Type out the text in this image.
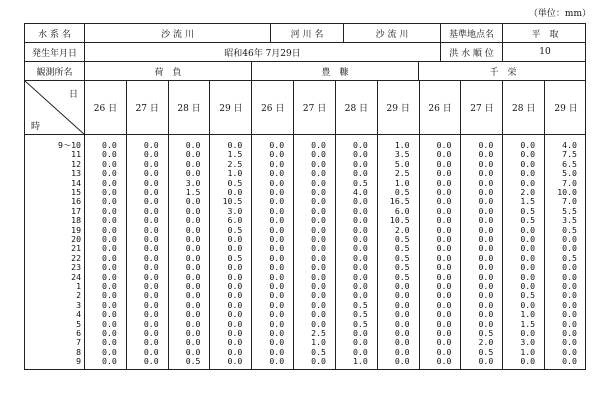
（単位：mm）
水 系 名	沙 流 川	河 川 名	沙 流 川	基準地点名	平　取
発生年月日	昭和46年 7月29日	洪 水 順 位	10
観測所名	荷　負	豊　糠	千　栄
日
時
26 日	27 日	28 日	29 日	26 日	27 日	28 日	29 日	26 日	27 日	28 日	29 日
9～10	0.0	0.0	0.0	0.0	0.0	0.0	0.0	1.0	0.0	0.0	0.0	4.0
11	0.0	0.0	0.0	1.5	0.0	0.0	0.0	3.5	0.0	0.0	0.0	7.5
12	0.0	0.0	0.0	2.5	0.0	0.0	0.0	5.0	0.0	0.0	0.0	6.5
13	0.0	0.0	0.0	1.0	0.0	0.0	0.0	2.5	0.0	0.0	0.0	5.0
14	0.0	0.0	3.0	0.5	0.0	0.0	0.5	1.0	0.0	0.0	0.0	7.0
15	0.0	0.0	1.5	0.0	0.0	0.0	4.0	0.5	0.0	0.0	2.0	10.0
16	0.0	0.0	0.0	10.5	0.0	0.0	0.0	16.5	0.0	0.0	1.5	7.0
17	0.0	0.0	0.0	3.0	0.0	0.0	0.0	6.0	0.0	0.0	0.5	5.5
18	0.0	0.0	0.0	6.0	0.0	0.0	0.0	10.5	0.0	0.0	0.5	3.5
19	0.0	0.0	0.0	0.5	0.0	0.0	0.0	2.0	0.0	0.0	0.0	0.5
20	0.0	0.0	0.0	0.0	0.0	0.0	0.0	0.5	0.0	0.0	0.0	0.0
21	0.0	0.0	0.0	0.0	0.0	0.0	0.0	0.5	0.0	0.0	0.0	0.0
22	0.0	0.0	0.0	0.5	0.0	0.0	0.0	0.5	0.0	0.0	0.0	0.5
23	0.0	0.0	0.0	0.0	0.0	0.0	0.0	0.5	0.0	0.0	0.0	0.0
24	0.0	0.0	0.0	0.0	0.0	0.0	0.0	0.5	0.0	0.0	0.0	0.0
1	0.0	0.0	0.0	0.0	0.0	0.0	0.0	0.0	0.0	0.0	0.0	0.0
2	0.0	0.0	0.0	0.0	0.0	0.0	0.0	0.0	0.0	0.0	0.5	0.0
3	0.0	0.0	0.0	0.0	0.0	0.0	0.5	0.0	0.0	0.0	0.0	0.0
4	0.0	0.0	0.0	0.0	0.0	0.0	0.5	0.0	0.0	0.0	1.0	0.0
5	0.0	0.0	0.0	0.0	0.0	0.0	0.5	0.0	0.0	0.0	1.5	0.0
6	0.0	0.0	0.0	0.0	0.0	2.5	0.0	0.0	0.0	0.5	0.0	0.0
7	0.0	0.0	0.0	0.0	0.0	1.0	0.0	0.0	0.0	2.0	3.0	0.0
8	0.0	0.0	0.0	0.0	0.0	0.5	0.0	0.0	0.0	0.5	1.0	0.0
9	0.0	0.0	0.5	0.0	0.0	0.0	1.0	0.0	0.0	0.0	0.0	0.0
